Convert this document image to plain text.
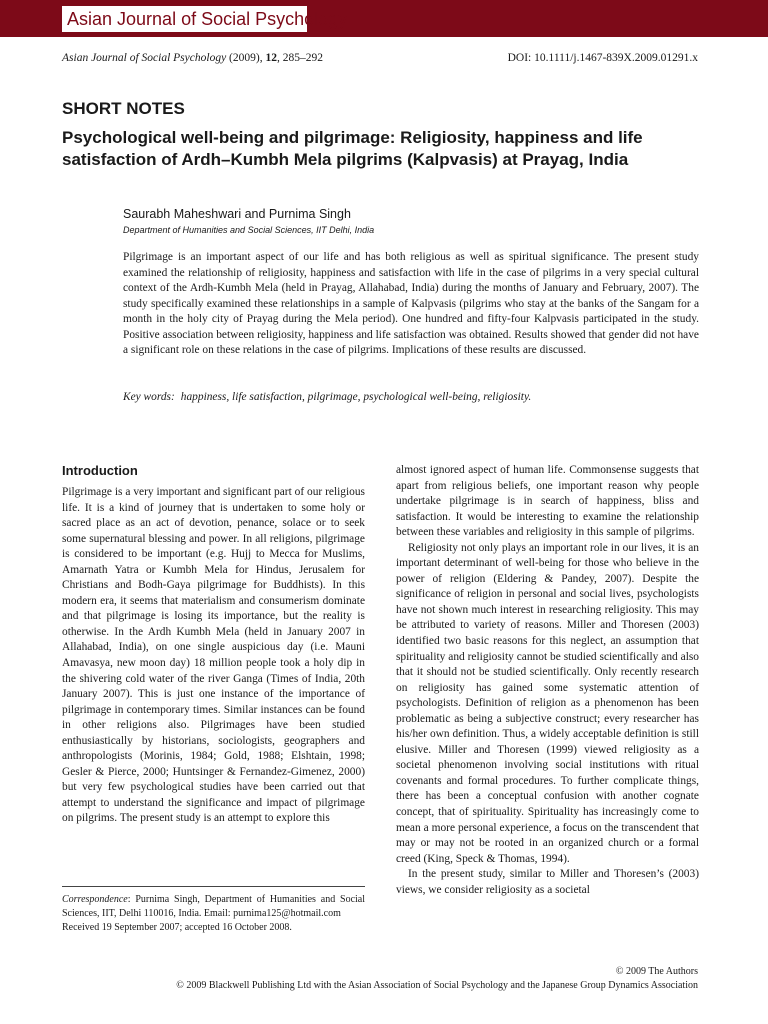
Asian Journal of Social Psychology
Asian Journal of Social Psychology (2009), 12, 285–292	DOI: 10.1111/j.1467-839X.2009.01291.x
SHORT NOTES
Psychological well-being and pilgrimage: Religiosity, happiness and life satisfaction of Ardh–Kumbh Mela pilgrims (Kalpvasis) at Prayag, India
Saurabh Maheshwari and Purnima Singh
Department of Humanities and Social Sciences, IIT Delhi, India

Pilgrimage is an important aspect of our life and has both religious as well as spiritual significance. The present study examined the relationship of religiosity, happiness and satisfaction with life in the case of pilgrims in a very special cultural context of the Ardh-Kumbh Mela (held in Prayag, Allahabad, India) during the months of January and February, 2007). The study specifically examined these relationships in a sample of Kalpvasis (pilgrims who stay at the banks of the Sangam for a month in the holy city of Prayag during the Mela period). One hundred and fifty-four Kalpvasis participated in the study. Positive association between religiosity, happiness and life satisfaction was obtained. Results showed that gender did not have a significant role on these relations in the case of pilgrims. Implications of these results are discussed.

Key words: happiness, life satisfaction, pilgrimage, psychological well-being, religiosity.
Introduction

Pilgrimage is a very important and significant part of our religious life. It is a kind of journey that is undertaken to some holy or sacred place as an act of devotion, penance, solace or to seek some supernatural blessing and power. In all religions, pilgrimage is considered to be important (e.g. Hujj to Mecca for Muslims, Amarnath Yatra or Kumbh Mela for Hindus, Jerusalem for Christians and Bodh-Gaya pilgrimage for Buddhists). In this modern era, it seems that materialism and consumerism dominate and that pilgrimage is losing its importance, but the reality is otherwise. In the Ardh Kumbh Mela (held in January 2007 in Allahabad, India), on one single auspicious day (i.e. Mauni Amavasya, new moon day) 18 million people took a holy dip in the shivering cold water of the river Ganga (Times of India, 20th January 2007). This is just one instance of the importance of pilgrimage in contemporary times. Similar instances can be found in other religions also. Pilgrimages have been studied enthusiastically by historians, sociologists, geographers and anthropologists (Morinis, 1984; Gold, 1988; Elshtain, 1998; Gesler & Pierce, 2000; Huntsinger & Fernandez-Gimenez, 2000) but very few psychological studies have been carried out that attempt to understand the significance and impact of pilgrimage on pilgrims. The present study is an attempt to explore this

almost ignored aspect of human life. Commonsense suggests that apart from religious beliefs, one important reason why people undertake pilgrimage is in search of happiness, bliss and satisfaction. It would be interesting to examine the relationship between these variables and religiosity in this sample of pilgrims.

Religiosity not only plays an important role in our lives, it is an important determinant of well-being for those who believe in the power of religion (Eldering & Pandey, 2007). Despite the significance of religion in personal and social lives, psychologists have not shown much interest in researching religiosity. This may be attributed to variety of reasons. Miller and Thoresen (2003) identified two basic reasons for this neglect, an assumption that spirituality and religiosity cannot be studied scientifically and also that it should not be studied scientifically. Only recently research on religiosity has gained some systematic attention of psychologists. Definition of religion as a phenomenon has been problematic as being a subjective construct; every researcher has his/her own definition. Thus, a widely acceptable definition is still elusive. Miller and Thoresen (1999) viewed religiosity as a societal phenomenon involving social institutions with ritual covenants and formal procedures. To further complicate things, there has been a conceptual confusion with another cognate concept, that of spirituality. Spirituality has increasingly come to mean a more personal experience, a focus on the transcendent that may or may not be rooted in an organized church or a formal creed (King, Speck & Thomas, 1994).

In the present study, similar to Miller and Thoresen’s (2003) views, we consider religiosity as a societal

Correspondence: Purnima Singh, Department of Humanities and Social Sciences, IIT, Delhi 110016, India. Email: purnima125@hotmail.com

Received 19 September 2007; accepted 16 October 2008.

© 2009 The Authors
© 2009 Blackwell Publishing Ltd with the Asian Association of Social Psychology and the Japanese Group Dynamics Association
